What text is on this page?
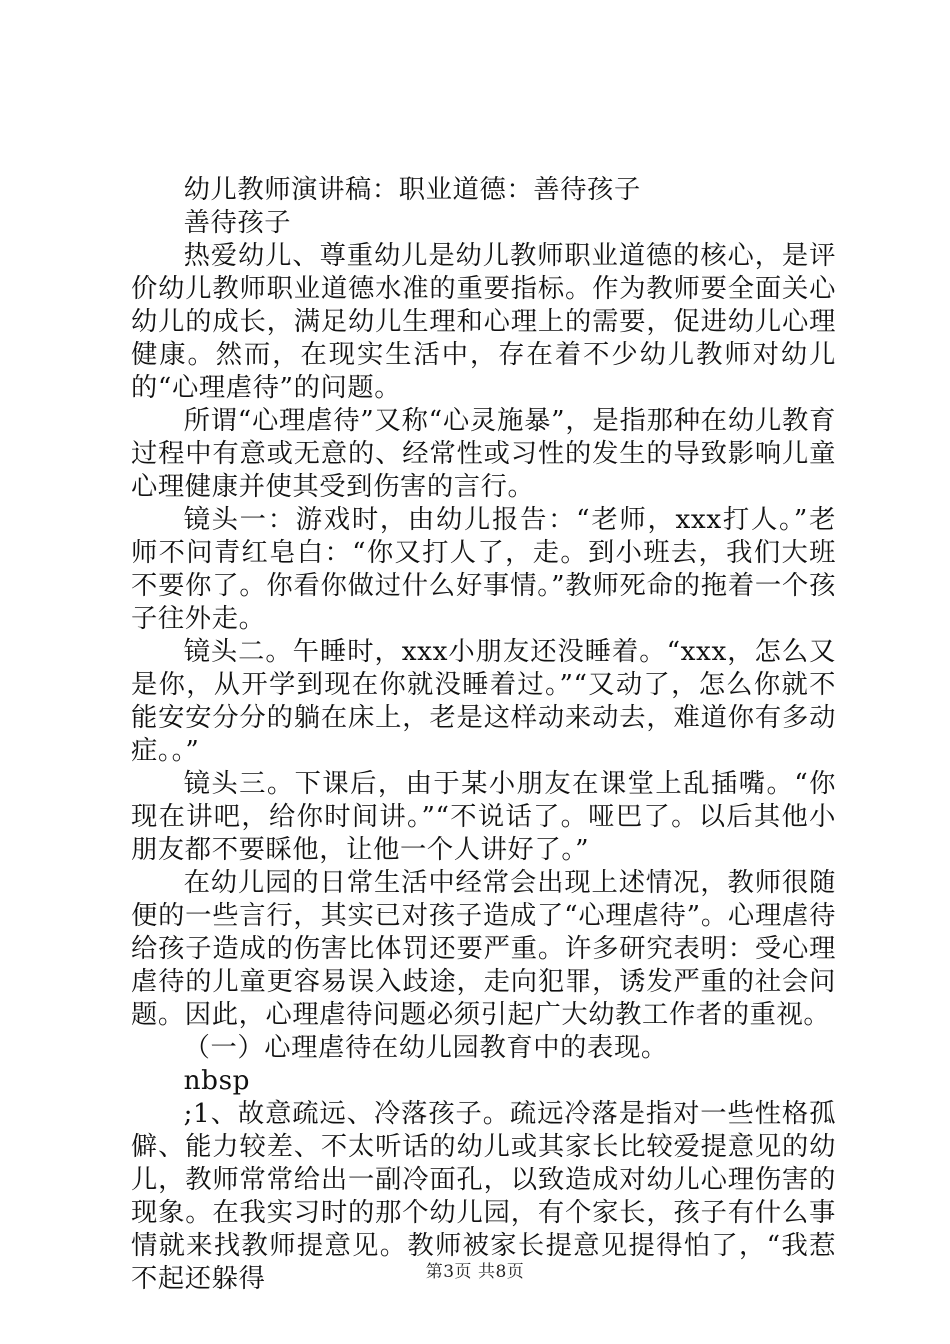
幼儿教师演讲稿：职业道德：善待孩子

善待孩子

热爱幼儿、尊重幼儿是幼儿教师职业道德的核心，是评价幼儿教师职业道德水准的重要指标。作为教师要全面关心幼儿的成长，满足幼儿生理和心理上的需要，促进幼儿心理健康。然而，在现实生活中，存在着不少幼儿教师对幼儿的“心理虐待”的问题。

所谓“心理虐待”又称“心灵施暴”，是指那种在幼儿教育过程中有意或无意的、经常性或习性的发生的导致影响儿童心理健康并使其受到伤害的言行。

镜头一：游戏时，由幼儿报告：“老师，xxx打人。”老师不问青红皂白：“你又打人了，走。到小班去，我们大班不要你了。你看你做过什么好事情。”教师死命的拖着一个孩子往外走。

镜头二。午睡时，xxx小朋友还没睡着。“xxx，怎么又是你，从开学到现在你就没睡着过。”“又动了，怎么你就不能安安分分的躺在床上，老是这样动来动去，难道你有多动症。。”

镜头三。下课后，由于某小朋友在课堂上乱插嘴。“你现在讲吧，给你时间讲。”“不说话了。哑巴了。以后其他小朋友都不要睬他，让他一个人讲好了。”

在幼儿园的日常生活中经常会出现上述情况，教师很随便的一些言行，其实已对孩子造成了“心理虐待”。心理虐待给孩子造成的伤害比体罚还要严重。许多研究表明：受心理虐待的儿童更容易误入歧途，走向犯罪，诱发严重的社会问题。因此，心理虐待问题必须引起广大幼教工作者的重视。

（一）心理虐待在幼儿园教育中的表现。

nbsp

;1、故意疏远、冷落孩子。疏远冷落是指对一些性格孤僻、能力较差、不太听话的幼儿或其家长比较爱提意见的幼儿，教师常常给出一副冷面孔，以致造成对幼儿心理伤害的现象。在我实习时的那个幼儿园，有个家长，孩子有什么事情就来找教师提意见。教师被家长提意见提得怕了，“我惹不起还躲得	第3页 共8页
